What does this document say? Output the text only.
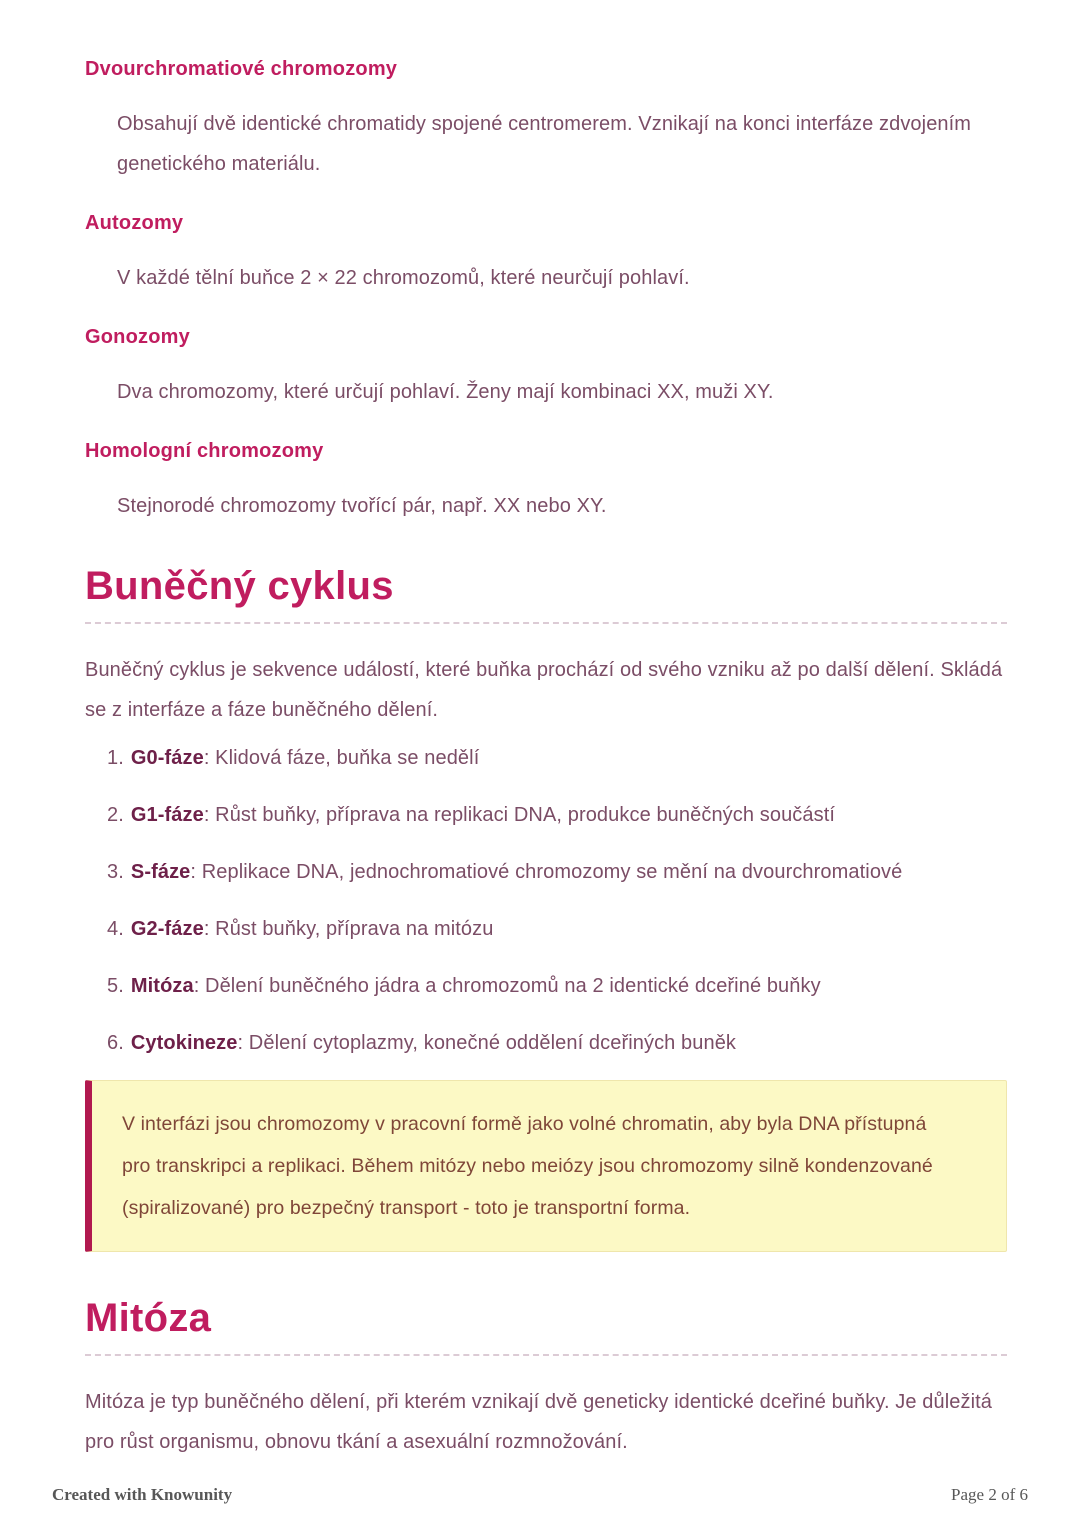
Dvourchromatiové chromozomy

Obsahují dvě identické chromatidy spojené centromerem. Vznikají na konci interfáze zdvojením genetického materiálu.

Autozomy

V každé tělní buňce 2 × 22 chromozomů, které neurčují pohlaví.

Gonozomy

Dva chromozomy, které určují pohlaví. Ženy mají kombinaci XX, muži XY.

Homologní chromozomy

Stejnorodé chromozomy tvořící pár, např. XX nebo XY.

Buněčný cyklus

Buněčný cyklus je sekvence událostí, které buňka prochází od svého vzniku až po další dělení. Skládá se z interfáze a fáze buněčného dělení.

1. G0-fáze: Klidová fáze, buňka se nedělí
2. G1-fáze: Růst buňky, příprava na replikaci DNA, produkce buněčných součástí
3. S-fáze: Replikace DNA, jednochromatiové chromozomy se mění na dvourchromatiové
4. G2-fáze: Růst buňky, příprava na mitózu
5. Mitóza: Dělení buněčného jádra a chromozomů na 2 identické dceřiné buňky
6. Cytokineze: Dělení cytoplazmy, konečné oddělení dceřiných buněk

V interfázi jsou chromozomy v pracovní formě jako volné chromatin, aby byla DNA přístupná pro transkripci a replikaci. Během mitózy nebo meiózy jsou chromozomy silně kondenzované (spiralizované) pro bezpečný transport - toto je transportní forma.

Mitóza

Mitóza je typ buněčného dělení, při kterém vznikají dvě geneticky identické dceřiné buňky. Je důležitá pro růst organismu, obnovu tkání a asexuální rozmnožování.

Created with Knowunity	Page 2 of 6
